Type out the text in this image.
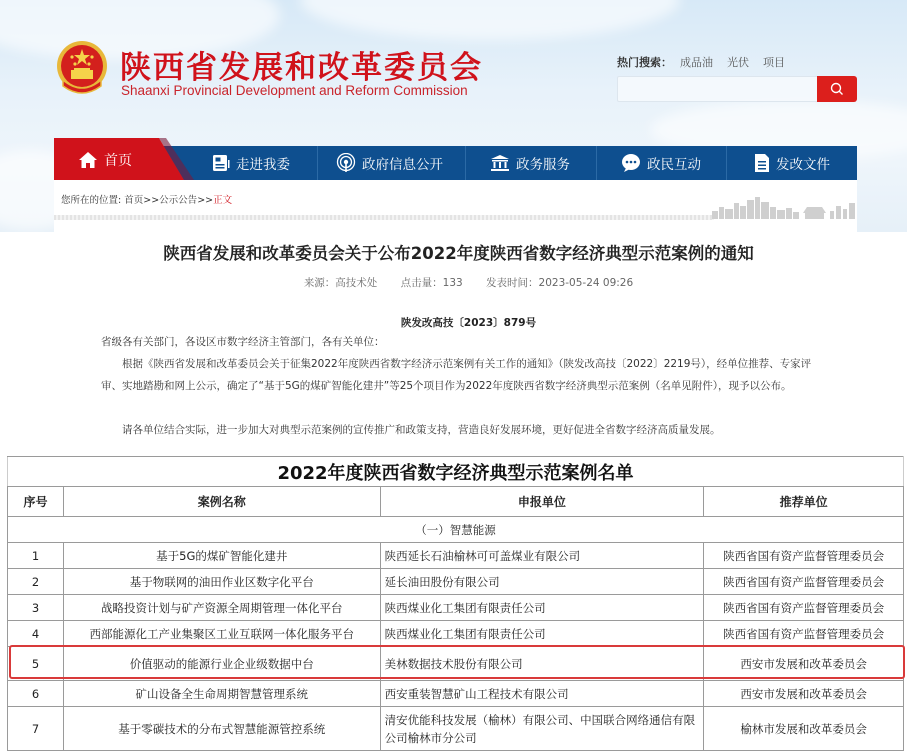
陕西省发展和改革委员会
Shaanxi Provincial Development and Reform Commission
热门搜索： 成品油 光伏 项目
首页	走进我委	政府信息公开	政务服务	政民互动	发改文件
您所在的位置: 首页>>公示公告>>正文
陕西省发展和改革委员会关于公布2022年度陕西省数字经济典型示范案例的通知
来源：高技术处 点击量：133 发表时间：2023-05-24 09:26
陕发改高技〔2023〕879号

省级各有关部门，各设区市数字经济主管部门，各有关单位：

根据《陕西省发展和改革委员会关于征集2022年度陕西省数字经济示范案例有关工作的通知》（陕发改高技〔2022〕2219号），经单位推荐、专家评审、实地踏勘和网上公示，确定了“基于5G的煤矿智能化建井”等25个项目作为2022年度陕西省数字经济典型示范案例（名单见附件），现予以公布。

请各单位结合实际，进一步加大对典型示范案例的宣传推广和政策支持，营造良好发展环境，更好促进全省数字经济高质量发展。

2022年度陕西省数字经济典型示范案例名单			
序号	案例名称	申报单位	推荐单位
（一）智慧能源			
1	基于5G的煤矿智能化建井	陕西延长石油榆林可可盖煤业有限公司	陕西省国有资产监督管理委员会
2	基于物联网的油田作业区数字化平台	延长油田股份有限公司	陕西省国有资产监督管理委员会
3	战略投资计划与矿产资源全周期管理一体化平台	陕西煤业化工集团有限责任公司	陕西省国有资产监督管理委员会
4	西部能源化工产业集聚区工业互联网一体化服务平台	陕西煤业化工集团有限责任公司	陕西省国有资产监督管理委员会
5	价值驱动的能源行业企业级数据中台	美林数据技术股份有限公司	西安市发展和改革委员会
6	矿山设备全生命周期智慧管理系统	西安重装智慧矿山工程技术有限公司	西安市发展和改革委员会
7	基于零碳技术的分布式智慧能源管控系统	清安优能科技发展（榆林）有限公司、中国联合网络通信有限公司榆林市分公司	榆林市发展和改革委员会
